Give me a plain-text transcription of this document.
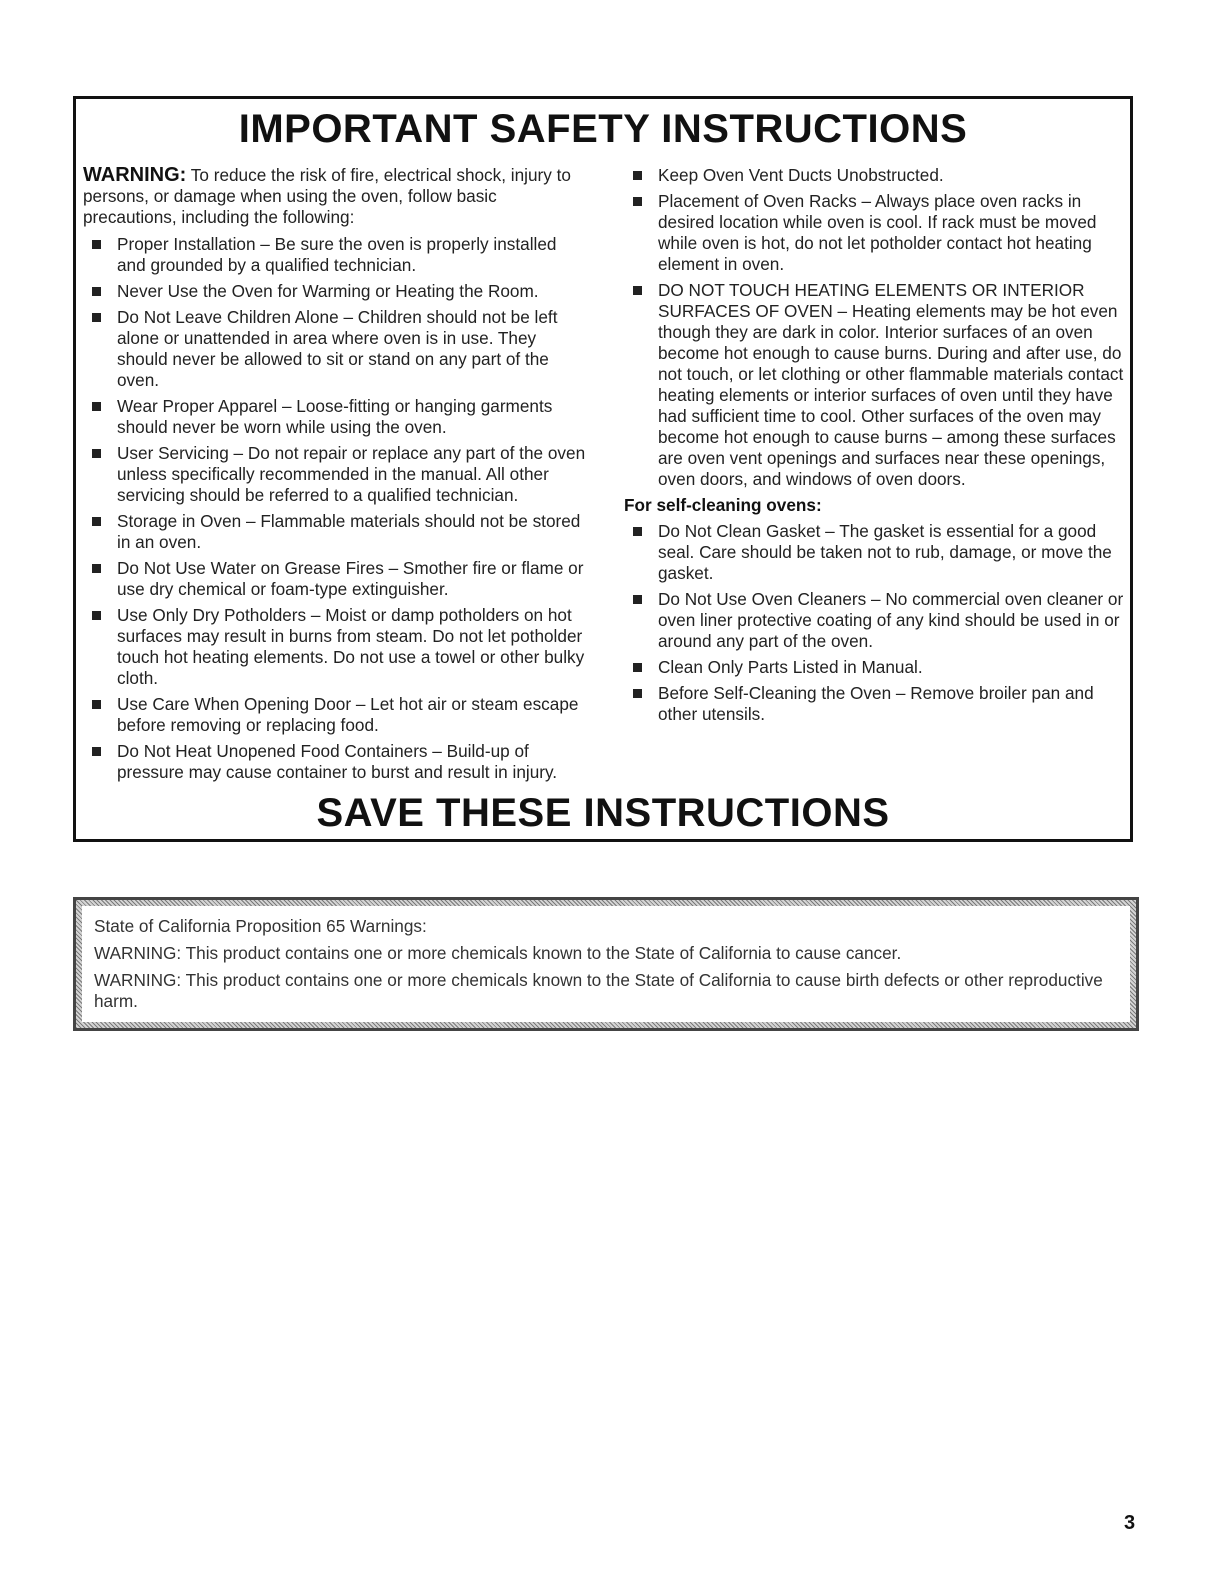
IMPORTANT SAFETY INSTRUCTIONS

WARNING: To reduce the risk of fire, electrical shock, injury to persons, or damage when using the oven, follow basic precautions, including the following:

Proper Installation – Be sure the oven is properly installed and grounded by a qualified technician.
Never Use the Oven for Warming or Heating the Room.
Do Not Leave Children Alone – Children should not be left alone or unattended in area where oven is in use. They should never be allowed to sit or stand on any part of the oven.
Wear Proper Apparel – Loose-fitting or hanging garments should never be worn while using the oven.
User Servicing – Do not repair or replace any part of the oven unless specifically recommended in the manual. All other servicing should be referred to a qualified technician.
Storage in Oven – Flammable materials should not be stored in an oven.
Do Not Use Water on Grease Fires – Smother fire or flame or use dry chemical or foam-type extinguisher.
Use Only Dry Potholders – Moist or damp potholders on hot surfaces may result in burns from steam. Do not let potholder touch hot heating elements. Do not use a towel or other bulky cloth.
Use Care When Opening Door – Let hot air or steam escape before removing or replacing food.
Do Not Heat Unopened Food Containers – Build-up of pressure may cause container to burst and result in injury.
Keep Oven Vent Ducts Unobstructed.
Placement of Oven Racks – Always place oven racks in desired location while oven is cool. If rack must be moved while oven is hot, do not let potholder contact hot heating element in oven.
DO NOT TOUCH HEATING ELEMENTS OR INTERIOR SURFACES OF OVEN – Heating elements may be hot even though they are dark in color. Interior surfaces of an oven become hot enough to cause burns. During and after use, do not touch, or let clothing or other flammable materials contact heating elements or interior surfaces of oven until they have had sufficient time to cool. Other surfaces of the oven may become hot enough to cause burns – among these surfaces are oven vent openings and surfaces near these openings, oven doors, and windows of oven doors.
For self-cleaning ovens:
Do Not Clean Gasket – The gasket is essential for a good seal. Care should be taken not to rub, damage, or move the gasket.
Do Not Use Oven Cleaners – No commercial oven cleaner or oven liner protective coating of any kind should be used in or around any part of the oven.
Clean Only Parts Listed in Manual.
Before Self-Cleaning the Oven – Remove broiler pan and other utensils.
SAVE THESE INSTRUCTIONS

State of California Proposition 65 Warnings:

WARNING: This product contains one or more chemicals known to the State of California to cause cancer.

WARNING: This product contains one or more chemicals known to the State of California to cause birth defects or other reproductive harm.

3
